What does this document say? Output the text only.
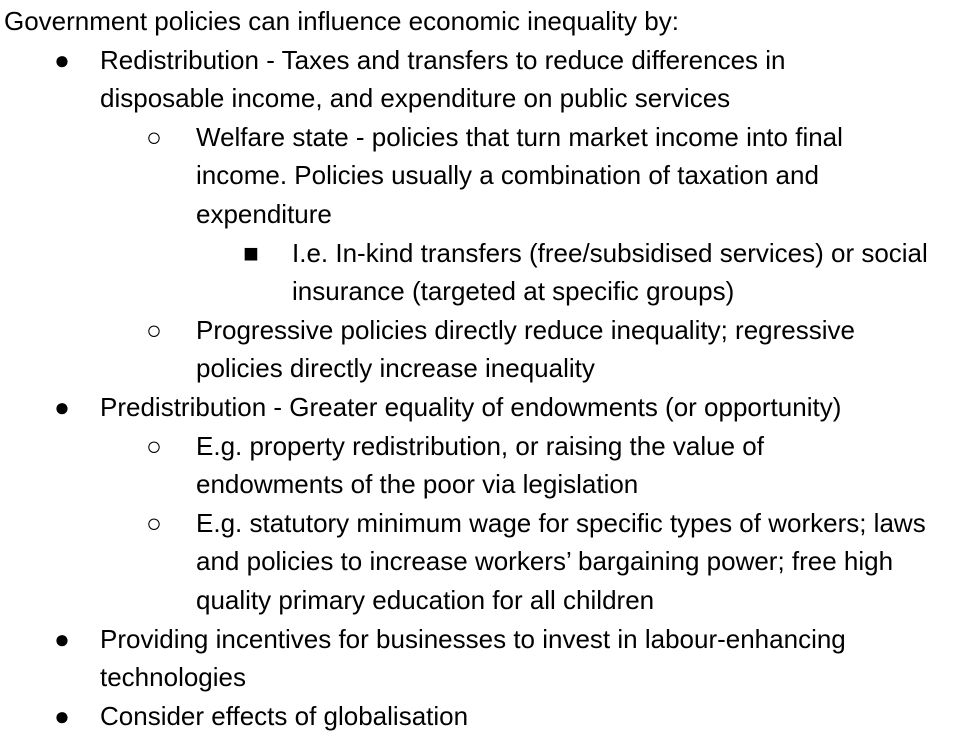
Government policies can influence economic inequality by:

● Redistribution - Taxes and transfers to reduce differences in disposable income, and expenditure on public services
○ Welfare state - policies that turn market income into final income. Policies usually a combination of taxation and expenditure
■ I.e. In-kind transfers (free/subsidised services) or social insurance (targeted at specific groups)
○ Progressive policies directly reduce inequality; regressive policies directly increase inequality
● Predistribution - Greater equality of endowments (or opportunity)
○ E.g. property redistribution, or raising the value of endowments of the poor via legislation
○ E.g. statutory minimum wage for specific types of workers; laws and policies to increase workers’ bargaining power; free high quality primary education for all children
● Providing incentives for businesses to invest in labour-enhancing technologies
● Consider effects of globalisation
